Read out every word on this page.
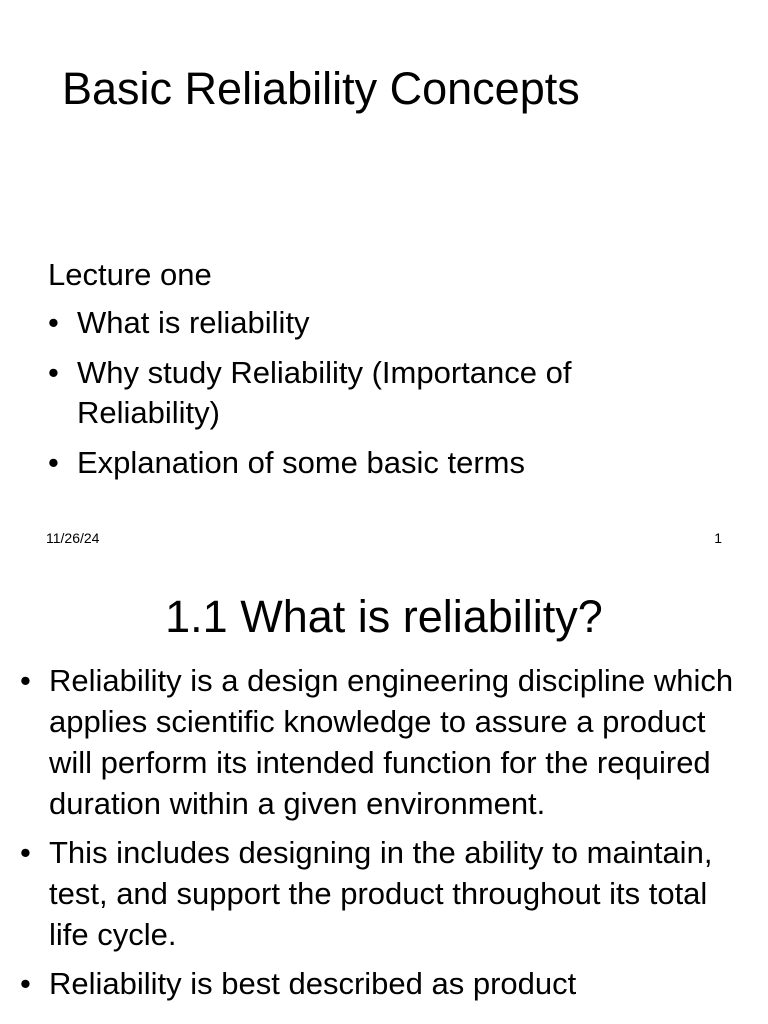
Basic Reliability Concepts
Lecture one
• What is reliability
• Why study Reliability (Importance of Reliability)
• Explanation of some basic terms
11/26/24	1
1.1 What is reliability?
• Reliability is a design engineering discipline which applies scientific knowledge to assure a product will perform its intended function for the required duration within a given environment.
• This includes designing in the ability to maintain, test, and support the product throughout its total life cycle.
• Reliability is best described as product
